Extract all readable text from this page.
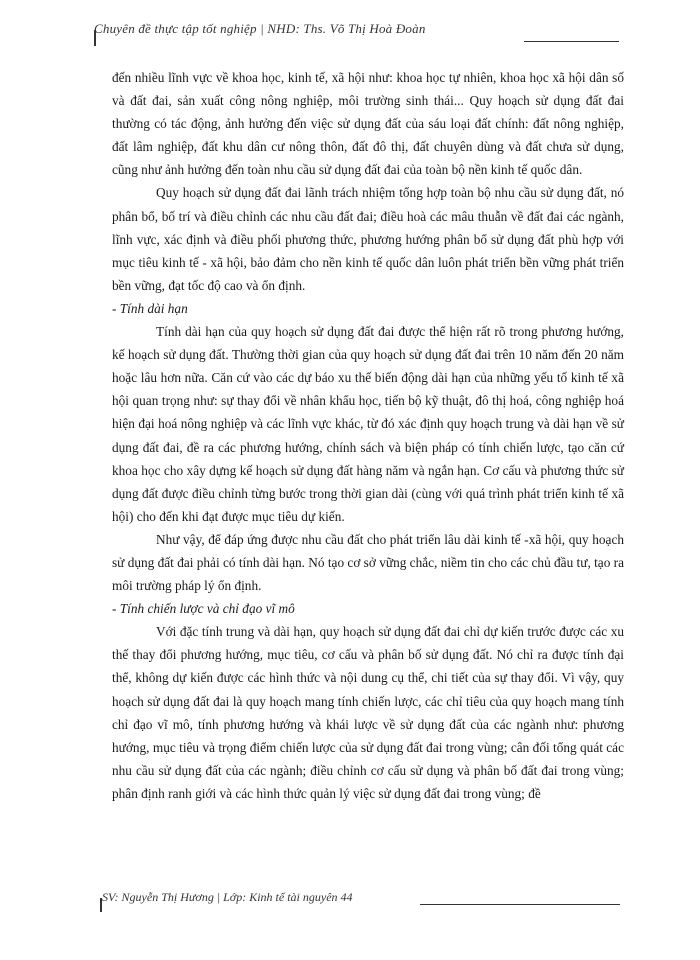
Chuyên đề thực tập tốt nghiệp | NHD: Ths. Võ Thị Hoà Đoàn

đến nhiều lĩnh vực về khoa học, kinh tế, xã hội như: khoa học tự nhiên, khoa học xã hội dân số và đất đai, sản xuất công nông nghiệp, môi trường sinh thái... Quy hoạch sử dụng đất đai thường có tác động, ảnh hưởng đến việc sử dụng đất của sáu loại đất chính: đất nông nghiệp, đất lâm nghiệp, đất khu dân cư nông thôn, đất đô thị, đất chuyên dùng và đất chưa sử dụng, cũng như ảnh hưởng đến toàn nhu cầu sử dụng đất đai của toàn bộ nền kinh tế quốc dân.

Quy hoạch sử dụng đất đai lãnh trách nhiệm tổng hợp toàn bộ nhu cầu sử dụng đất, nó phân bổ, bố trí và điều chỉnh các nhu cầu đất đai; điều hoà các mâu thuẫn về đất đai các ngành, lĩnh vực, xác định và điều phối phương thức, phương hướng phân bổ sử dụng đất phù hợp với mục tiêu kinh tế - xã hội, bảo đảm cho nền kinh tế quốc dân luôn phát triển bền vững phát triển bền vững, đạt tốc độ cao và ổn định.

- Tính dài hạn

Tính dài hạn của quy hoạch sử dụng đất đai được thể hiện rất rõ trong phương hướng, kế hoạch sử dụng đất. Thường thời gian của quy hoạch sử dụng đất đai trên 10 năm đến 20 năm hoặc lâu hơn nữa. Căn cứ vào các dự báo xu thế biến động dài hạn của những yếu tố kinh tế xã hội quan trọng như: sự thay đổi về nhân khẩu học, tiến bộ kỹ thuật, đô thị hoá, công nghiệp hoá hiện đại hoá nông nghiệp và các lĩnh vực khác, từ đó xác định quy hoạch trung và dài hạn về sử dụng đất đai, đề ra các phương hướng, chính sách và biện pháp có tính chiến lược, tạo căn cứ khoa học cho xây dựng kế hoạch sử dụng đất hàng năm và ngắn hạn. Cơ cấu và phương thức sử dụng đất được điều chỉnh từng bước trong thời gian dài (cùng với quá trình phát triển kinh tế xã hội) cho đến khi đạt được mục tiêu dự kiến.

Như vậy, để đáp ứng được nhu cầu đất cho phát triển lâu dài kinh tế -xã hội, quy hoạch sử dụng đất đai phải có tính dài hạn. Nó tạo cơ sở vững chắc, niềm tin cho các chủ đầu tư, tạo ra môi trường pháp lý ổn định.

- Tính chiến lược và chỉ đạo vĩ mô

Với đặc tính trung và dài hạn, quy hoạch sử dụng đất đai chỉ dự kiến trước được các xu thế thay đổi phương hướng, mục tiêu, cơ cấu và phân bố sử dụng đất. Nó chỉ ra được tính đại thể, không dự kiến được các hình thức và nội dung cụ thể, chi tiết của sự thay đổi. Vì vậy, quy hoạch sử dụng đất đai là quy hoạch mang tính chiến lược, các chỉ tiêu của quy hoạch mang tính chỉ đạo vĩ mô, tính phương hướng và khái lược về sử dụng đất của các ngành như: phương hướng, mục tiêu và trọng điểm chiến lược của sử dụng đất đai trong vùng; cân đối tổng quát các nhu cầu sử dụng đất của các ngành; điều chỉnh cơ cấu sử dụng và phân bố đất đai trong vùng; phân định ranh giới và các hình thức quản lý việc sử dụng đất đai trong vùng; đề

SV: Nguyễn Thị Hương | Lớp: Kinh tế tài nguyên 44
